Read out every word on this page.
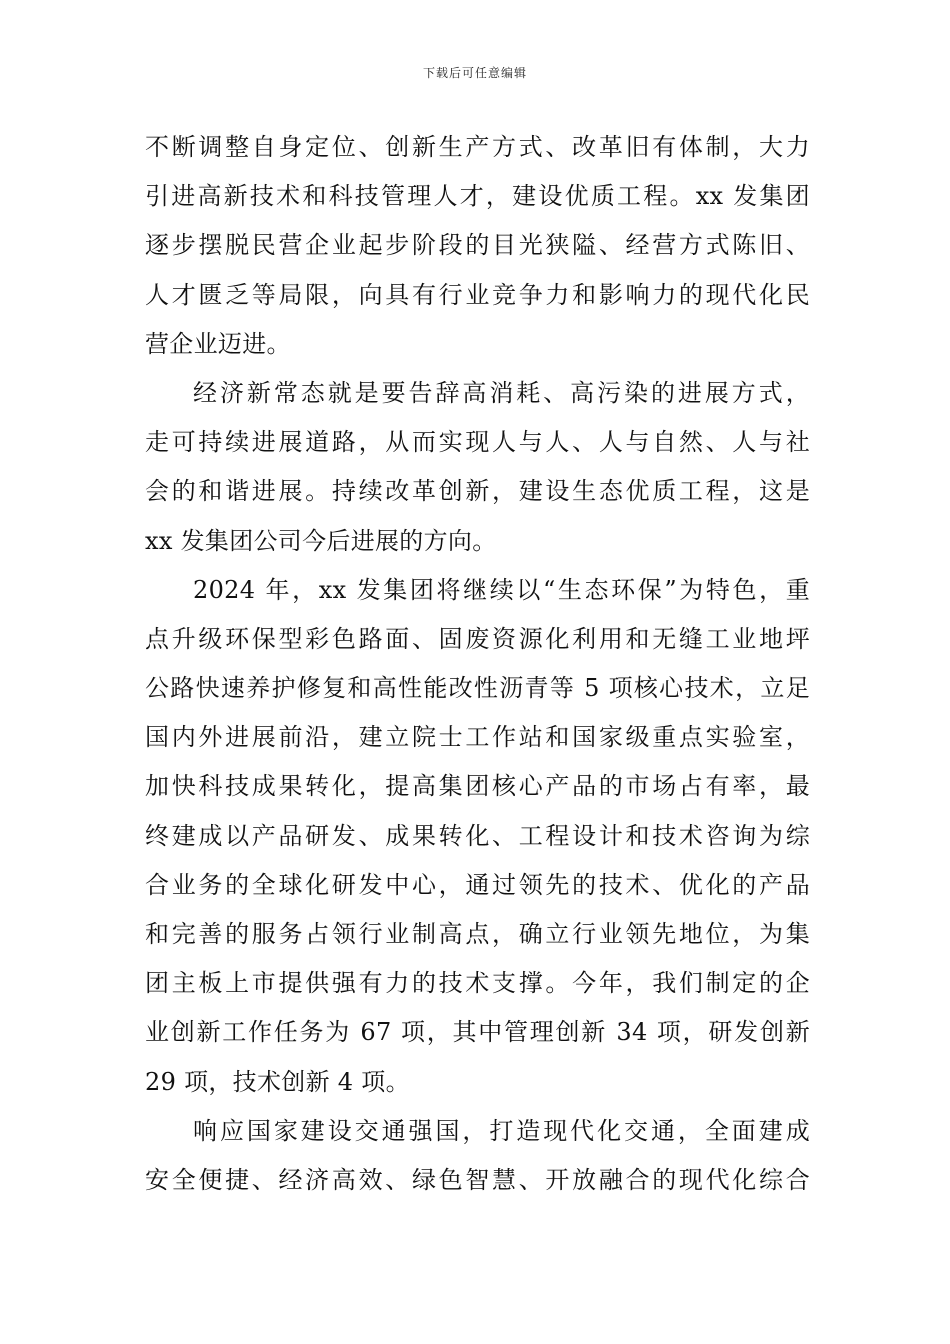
下载后可任意编辑
不断调整自身定位、创新生产方式、改革旧有体制，大力
引进高新技术和科技管理人才，建设优质工程。xx 发集团
逐步摆脱民营企业起步阶段的目光狭隘、经营方式陈旧、
人才匮乏等局限，向具有行业竞争力和影响力的现代化民
营企业迈进。
经济新常态就是要告辞高消耗、高污染的进展方式，
走可持续进展道路，从而实现人与人、人与自然、人与社
会的和谐进展。持续改革创新，建设生态优质工程，这是
xx 发集团公司今后进展的方向。
2024 年，xx 发集团将继续以“生态环保”为特色，重
点升级环保型彩色路面、固废资源化利用和无缝工业地坪
公路快速养护修复和高性能改性沥青等 5 项核心技术，立足
国内外进展前沿，建立院士工作站和国家级重点实验室，
加快科技成果转化，提高集团核心产品的市场占有率，最
终建成以产品研发、成果转化、工程设计和技术咨询为综
合业务的全球化研发中心，通过领先的技术、优化的产品
和完善的服务占领行业制高点，确立行业领先地位，为集
团主板上市提供强有力的技术支撑。今年，我们制定的企
业创新工作任务为 67 项，其中管理创新 34 项，研发创新
29 项，技术创新 4 项。
响应国家建设交通强国，打造现代化交通，全面建成
安全便捷、经济高效、绿色智慧、开放融合的现代化综合
